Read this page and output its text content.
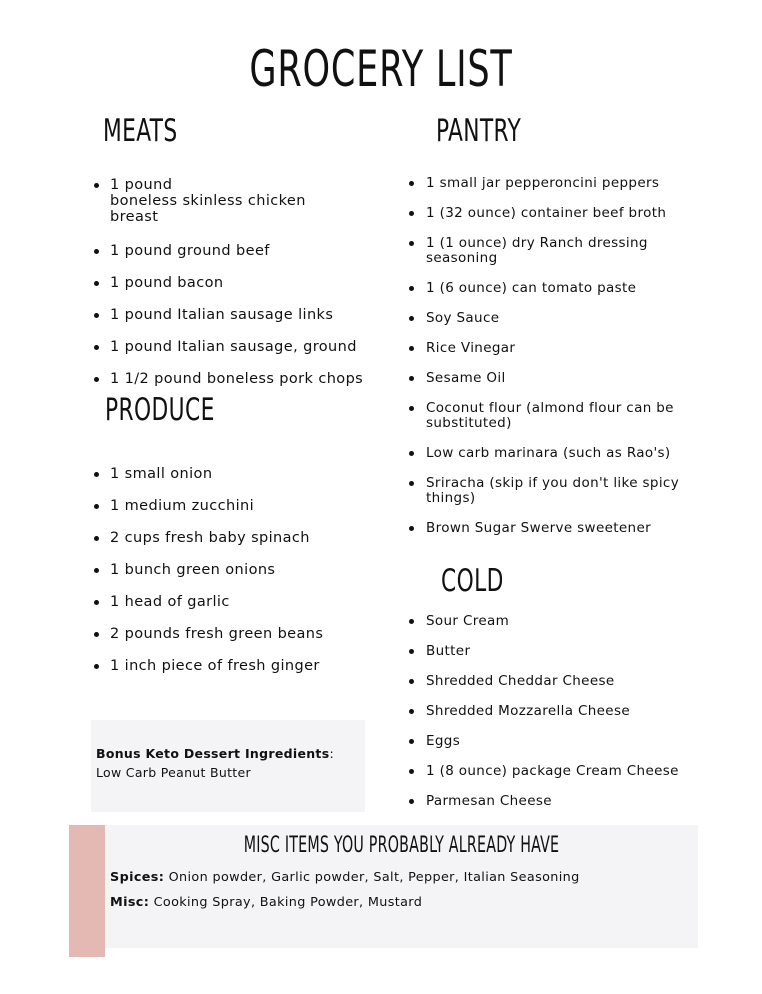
GROCERY LIST
MEATS
1 pound
boneless skinless chicken
breast
1 pound ground beef
1 pound bacon
1 pound Italian sausage links
1 pound Italian sausage, ground
1 1/2 pound boneless pork chops
PRODUCE
1 small onion
1 medium zucchini
2 cups fresh baby spinach
1 bunch green onions
1 head of garlic
2 pounds fresh green beans
1 inch piece of fresh ginger
PANTRY
1 small jar pepperoncini peppers
1 (32 ounce) container beef broth
1 (1 ounce) dry Ranch dressing seasoning
1 (6 ounce) can tomato paste
Soy Sauce
Rice Vinegar
Sesame Oil
Coconut flour (almond flour can be substituted)
Low carb marinara (such as Rao's)
Sriracha (skip if you don't like spicy things)
Brown Sugar Swerve sweetener
COLD
Sour Cream
Butter
Shredded Cheddar Cheese
Shredded Mozzarella Cheese
Eggs
1 (8 ounce) package Cream Cheese
Parmesan Cheese

Bonus Keto Dessert Ingredients:

Low Carb Peanut Butter

MISC ITEMS YOU PROBABLY ALREADY HAVE
Spices: Onion powder, Garlic powder, Salt, Pepper, Italian Seasoning
Misc: Cooking Spray, Baking Powder, Mustard
